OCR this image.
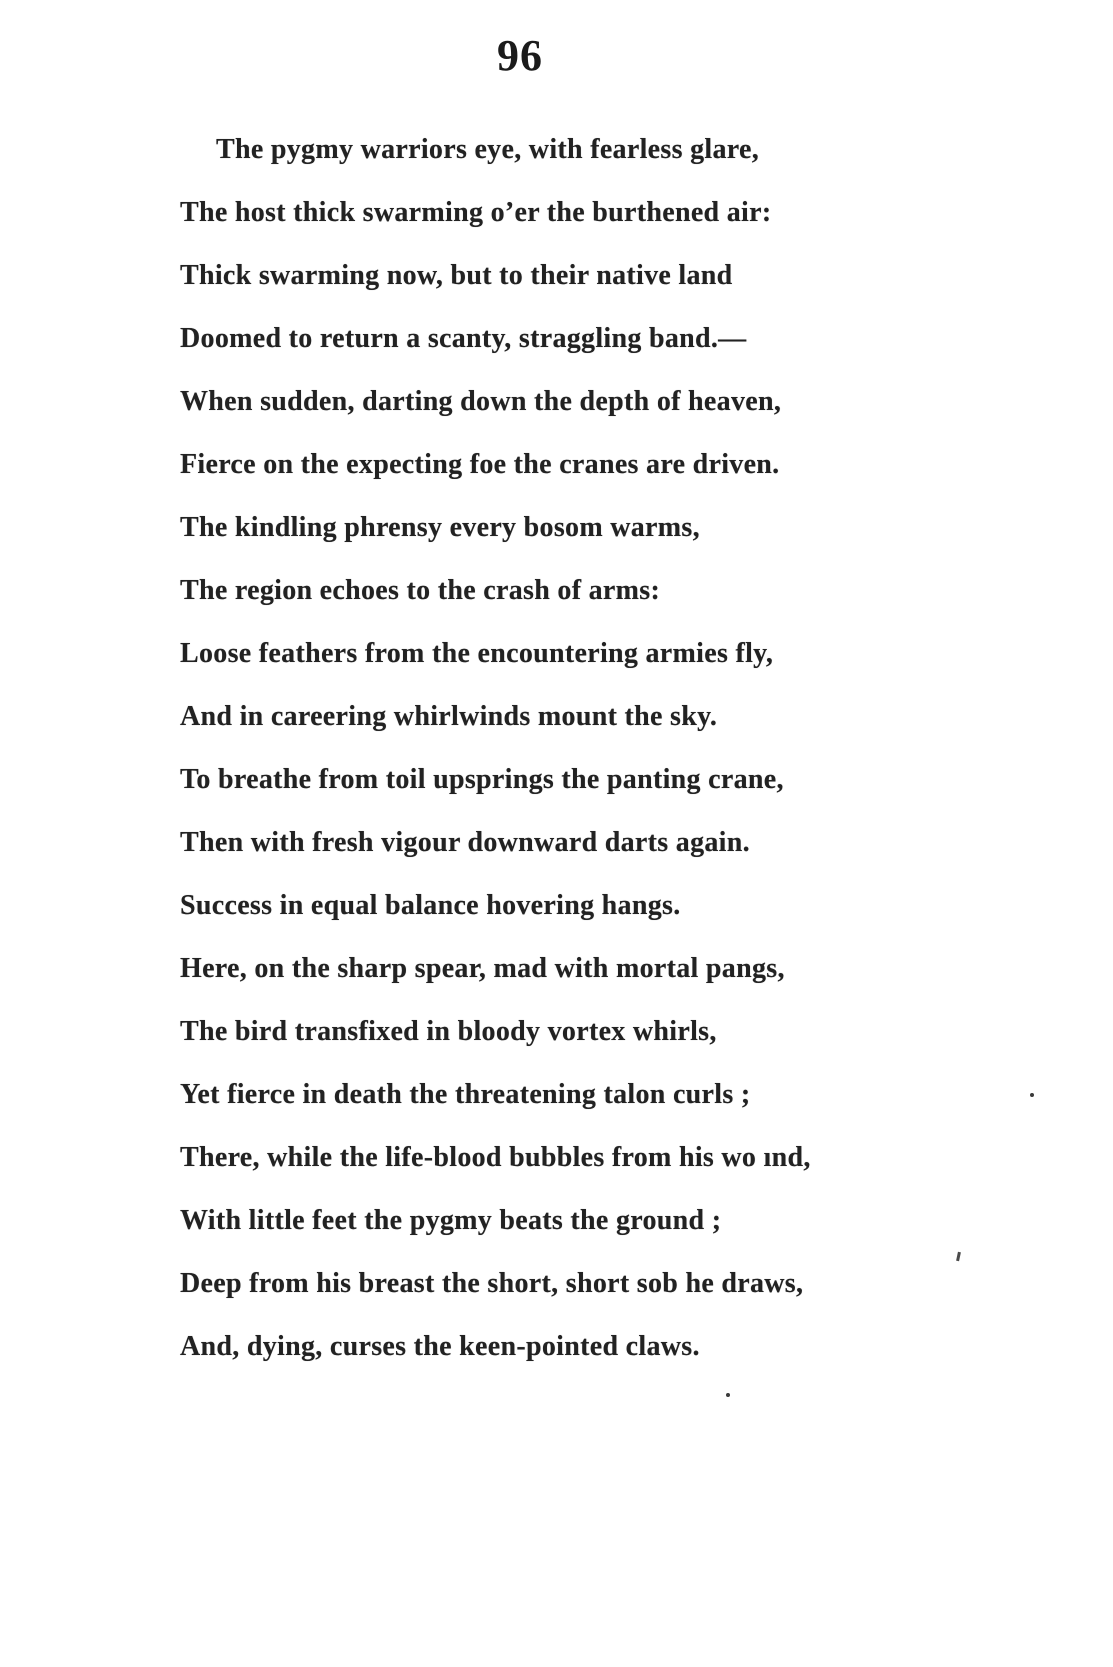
96

The pygmy warriors eye, with fearless glare,

The host thick swarming o’er the burthened air:

Thick swarming now, but to their native land

Doomed to return a scanty, straggling band.—

When sudden, darting down the depth of heaven,

Fierce on the expecting foe the cranes are driven.

The kindling phrensy every bosom warms,

The region echoes to the crash of arms:

Loose feathers from the encountering armies fly,

And in careering whirlwinds mount the sky.

To breathe from toil upsprings the panting crane,

Then with fresh vigour downward darts again.

Success in equal balance hovering hangs.

Here, on the sharp spear, mad with mortal pangs,

The bird transfixed in bloody vortex whirls,

Yet fierce in death the threatening talon curls ;

There, while the life-blood bubbles from his wo ınd,

With little feet the pygmy beats the ground ;

Deep from his breast the short, short sob he draws,

And, dying, curses the keen-pointed claws.
